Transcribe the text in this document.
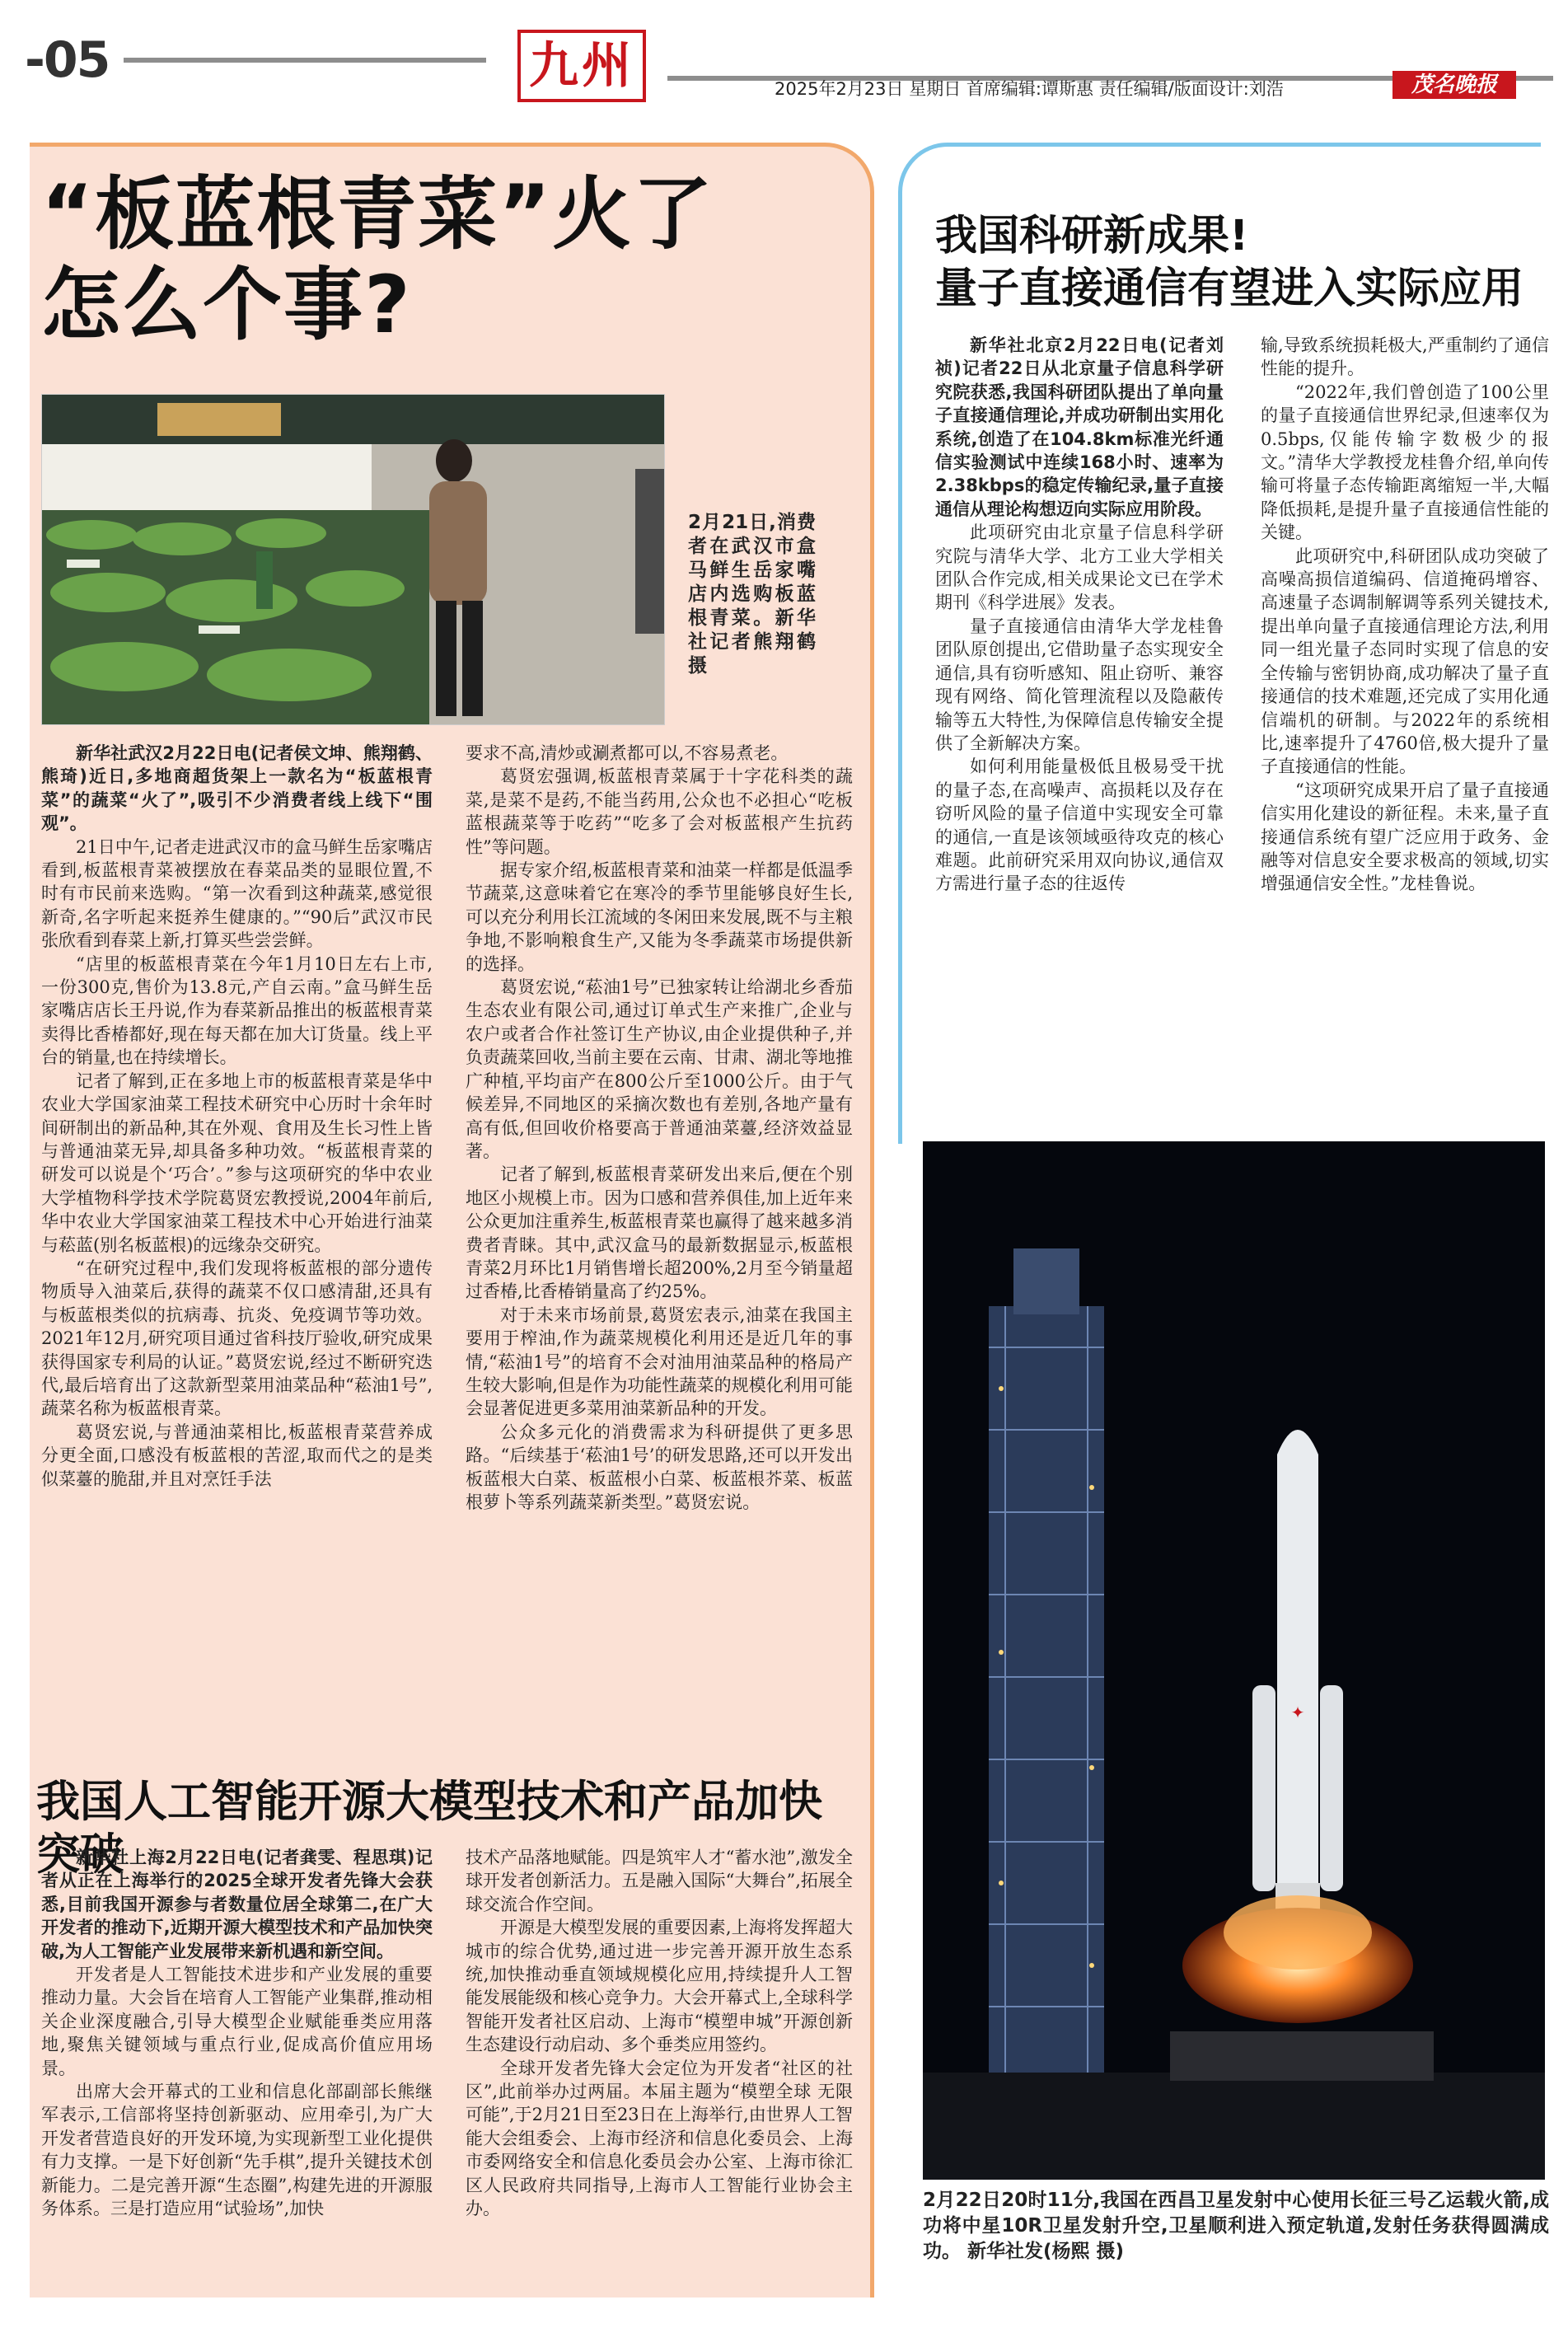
-05	九州	2025年2月23日 星期日 首席编辑:谭斯惠 责任编辑/版面设计:刘浩	茂名晚报
“板蓝根青菜”火了
怎么个事?
2月21日,消费者在武汉市盒马鲜生岳家嘴店内选购板蓝根青菜。新华社记者熊翔鹤 摄

新华社武汉2月22日电(记者侯文坤、熊翔鹤、熊琦)近日,多地商超货架上一款名为“板蓝根青菜”的蔬菜“火了”,吸引不少消费者线上线下“围观”。

21日中午,记者走进武汉市的盒马鲜生岳家嘴店看到,板蓝根青菜被摆放在春菜品类的显眼位置,不时有市民前来选购。“第一次看到这种蔬菜,感觉很新奇,名字听起来挺养生健康的。”“90后”武汉市民张欣看到春菜上新,打算买些尝尝鲜。

“店里的板蓝根青菜在今年1月10日左右上市,一份300克,售价为13.8元,产自云南。”盒马鲜生岳家嘴店店长王丹说,作为春菜新品推出的板蓝根青菜卖得比香椿都好,现在每天都在加大订货量。线上平台的销量,也在持续增长。

记者了解到,正在多地上市的板蓝根青菜是华中农业大学国家油菜工程技术研究中心历时十余年时间研制出的新品种,其在外观、食用及生长习性上皆与普通油菜无异,却具备多种功效。“板蓝根青菜的研发可以说是个‘巧合’。”参与这项研究的华中农业大学植物科学技术学院葛贤宏教授说,2004年前后,华中农业大学国家油菜工程技术中心开始进行油菜与菘蓝(别名板蓝根)的远缘杂交研究。

“在研究过程中,我们发现将板蓝根的部分遗传物质导入油菜后,获得的蔬菜不仅口感清甜,还具有与板蓝根类似的抗病毒、抗炎、免疫调节等功效。2021年12月,研究项目通过省科技厅验收,研究成果获得国家专利局的认证。”葛贤宏说,经过不断研究迭代,最后培育出了这款新型菜用油菜品种“菘油1号”,蔬菜名称为板蓝根青菜。

葛贤宏说,与普通油菜相比,板蓝根青菜营养成分更全面,口感没有板蓝根的苦涩,取而代之的是类似菜薹的脆甜,并且对烹饪手法

要求不高,清炒或涮煮都可以,不容易煮老。

葛贤宏强调,板蓝根青菜属于十字花科类的蔬菜,是菜不是药,不能当药用,公众也不必担心“吃板蓝根蔬菜等于吃药”“吃多了会对板蓝根产生抗药性”等问题。

据专家介绍,板蓝根青菜和油菜一样都是低温季节蔬菜,这意味着它在寒冷的季节里能够良好生长,可以充分利用长江流域的冬闲田来发展,既不与主粮争地,不影响粮食生产,又能为冬季蔬菜市场提供新的选择。

葛贤宏说,“菘油1号”已独家转让给湖北乡香茄生态农业有限公司,通过订单式生产来推广,企业与农户或者合作社签订生产协议,由企业提供种子,并负责蔬菜回收,当前主要在云南、甘肃、湖北等地推广种植,平均亩产在800公斤至1000公斤。由于气候差异,不同地区的采摘次数也有差别,各地产量有高有低,但回收价格要高于普通油菜薹,经济效益显著。

记者了解到,板蓝根青菜研发出来后,便在个别地区小规模上市。因为口感和营养俱佳,加上近年来公众更加注重养生,板蓝根青菜也赢得了越来越多消费者青睐。其中,武汉盒马的最新数据显示,板蓝根青菜2月环比1月销售增长超200%,2月至今销量超过香椿,比香椿销量高了约25%。

对于未来市场前景,葛贤宏表示,油菜在我国主要用于榨油,作为蔬菜规模化利用还是近几年的事情,“菘油1号”的培育不会对油用油菜品种的格局产生较大影响,但是作为功能性蔬菜的规模化利用可能会显著促进更多菜用油菜新品种的开发。

公众多元化的消费需求为科研提供了更多思路。“后续基于‘菘油1号’的研发思路,还可以开发出板蓝根大白菜、板蓝根小白菜、板蓝根芥菜、板蓝根萝卜等系列蔬菜新类型。”葛贤宏说。

我国人工智能开源大模型技术和产品加快突破

新华社上海2月22日电(记者龚雯、程思琪)记者从正在上海举行的2025全球开发者先锋大会获悉,目前我国开源参与者数量位居全球第二,在广大开发者的推动下,近期开源大模型技术和产品加快突破,为人工智能产业发展带来新机遇和新空间。

开发者是人工智能技术进步和产业发展的重要推动力量。大会旨在培育人工智能产业集群,推动相关企业深度融合,引导大模型企业赋能垂类应用落地,聚焦关键领域与重点行业,促成高价值应用场景。

出席大会开幕式的工业和信息化部副部长熊继军表示,工信部将坚持创新驱动、应用牵引,为广大开发者营造良好的开发环境,为实现新型工业化提供有力支撑。一是下好创新“先手棋”,提升关键技术创新能力。二是完善开源“生态圈”,构建先进的开源服务体系。三是打造应用“试验场”,加快

技术产品落地赋能。四是筑牢人才“蓄水池”,激发全球开发者创新活力。五是融入国际“大舞台”,拓展全球交流合作空间。

开源是大模型发展的重要因素,上海将发挥超大城市的综合优势,通过进一步完善开源开放生态系统,加快推动垂直领域规模化应用,持续提升人工智能发展能级和核心竞争力。大会开幕式上,全球科学智能开发者社区启动、上海市“模塑申城”开源创新生态建设行动启动、多个垂类应用签约。

全球开发者先锋大会定位为开发者“社区的社区”,此前举办过两届。本届主题为“模塑全球 无限可能”,于2月21日至23日在上海举行,由世界人工智能大会组委会、上海市经济和信息化委员会、上海市委网络安全和信息化委员会办公室、上海市徐汇区人民政府共同指导,上海市人工智能行业协会主办。

我国科研新成果!
量子直接通信有望进入实际应用

新华社北京2月22日电(记者刘祯)记者22日从北京量子信息科学研究院获悉,我国科研团队提出了单向量子直接通信理论,并成功研制出实用化系统,创造了在104.8km标准光纤通信实验测试中连续168小时、速率为2.38kbps的稳定传输纪录,量子直接通信从理论构想迈向实际应用阶段。

此项研究由北京量子信息科学研究院与清华大学、北方工业大学相关团队合作完成,相关成果论文已在学术期刊《科学进展》发表。

量子直接通信由清华大学龙桂鲁团队原创提出,它借助量子态实现安全通信,具有窃听感知、阻止窃听、兼容现有网络、简化管理流程以及隐蔽传输等五大特性,为保障信息传输安全提供了全新解决方案。

如何利用能量极低且极易受干扰的量子态,在高噪声、高损耗以及存在窃听风险的量子信道中实现安全可靠的通信,一直是该领域亟待攻克的核心难题。此前研究采用双向协议,通信双方需进行量子态的往返传

输,导致系统损耗极大,严重制约了通信性能的提升。

“2022年,我们曾创造了100公里的量子直接通信世界纪录,但速率仅为0.5bps,仅能传输字数极少的报文。”清华大学教授龙桂鲁介绍,单向传输可将量子态传输距离缩短一半,大幅降低损耗,是提升量子直接通信性能的关键。

此项研究中,科研团队成功突破了高噪高损信道编码、信道掩码增容、高速量子态调制解调等系列关键技术,提出单向量子直接通信理论方法,利用同一组光量子态同时实现了信息的安全传输与密钥协商,成功解决了量子直接通信的技术难题,还完成了实用化通信端机的研制。与2022年的系统相比,速率提升了4760倍,极大提升了量子直接通信的性能。

“这项研究成果开启了量子直接通信实用化建设的新征程。未来,量子直接通信系统有望广泛应用于政务、金融等对信息安全要求极高的领域,切实增强通信安全性。”龙桂鲁说。

✦
2月22日20时11分,我国在西昌卫星发射中心使用长征三号乙运载火箭,成功将中星10R卫星发射升空,卫星顺利进入预定轨道,发射任务获得圆满成功。 新华社发(杨熙 摄)
